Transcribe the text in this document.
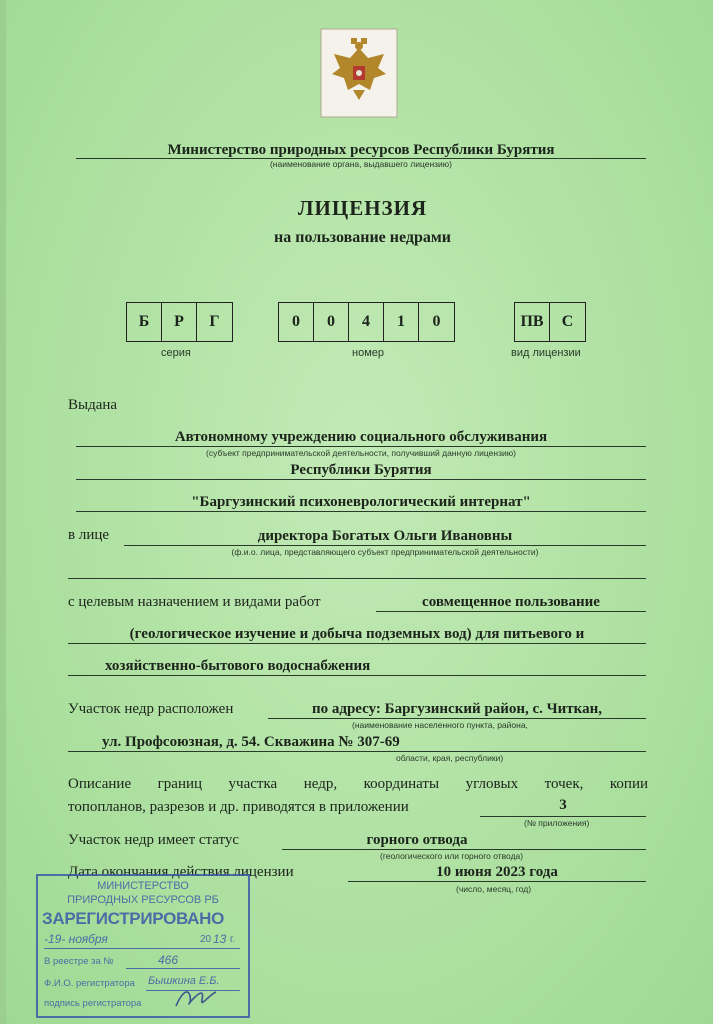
Министерство природных ресурсов Республики Бурятия
(наименование органа, выдавшего лицензию)
ЛИЦЕНЗИЯ
на пользование недрами
Б	Р	Г
серия
0	0	4	1	0
номер
ПВ	С
вид лицензии
Выдана
Автономному учреждению социального обслуживания
(субъект предпринимательской деятельности, получивший данную лицензию)
Республики Бурятия
"Баргузинский психоневрологический интернат"
в лице	директора Богатых Ольги Ивановны
(ф.и.о. лица, представляющего субъект предпринимательской деятельности)
с целевым назначением и видами работ	совмещенное пользование
(геологическое изучение и добыча подземных вод) для питьевого и
хозяйственно-бытового водоснабжения
Участок недр расположен	по адресу: Баргузинский район, с. Читкан,
(наименование населенного пункта, района,
ул. Профсоюзная, д. 54. Скважина № 307-69
области, края, республики)
Описание границ участка недр, координаты угловых точек, копии
топопланов, разрезов и др. приводятся в приложении	3
(№ приложения)
Участок недр имеет статус	горного отвода
(геологического или горного отвода)
Дата окончания действия лицензии	10 июня 2023 года
(число, месяц, год)
МИНИСТЕРСТВО
ПРИРОДНЫХ РЕСУРСОВ РБ
ЗАРЕГИСТРИРОВАНО
-19- ноября	20 13 г.
В реестре за №	466
Ф.И.О. регистратора Бышкина Е.Б.
подпись регистратора
